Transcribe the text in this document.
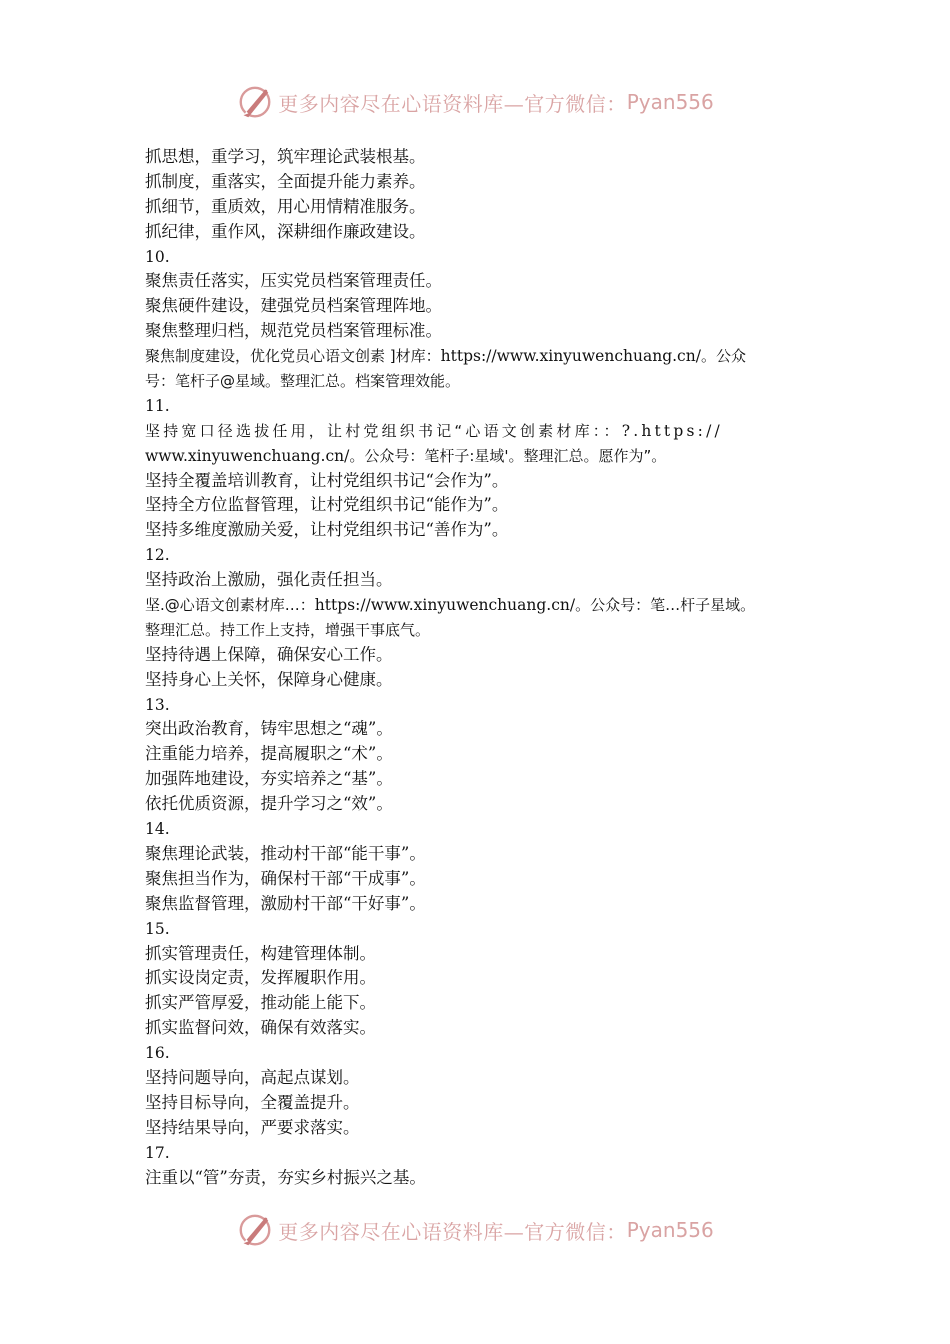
更多内容尽在心语资料库—官方微信： Pyan556
抓思想，重学习，筑牢理论武装根基。
抓制度，重落实，全面提升能力素养。
抓细节，重质效，用心用情精准服务。
抓纪律，重作风，深耕细作廉政建设。
10.
聚焦责任落实，压实党员档案管理责任。
聚焦硬件建设，建强党员档案管理阵地。
聚焦整理归档，规范党员档案管理标准。
聚焦制度建设，优化党员心语文创素 ]材库：https://www.xinyuwenchuang.cn/。公众
号：笔杆子@星域。整理汇总。档案管理效能。
11.
坚持宽口径选拔任用，让村党组织书记“心语文创素材库：：?.https://
www.xinyuwenchuang.cn/。公众号：笔杆子:星域'。整理汇总。愿作为”。
坚持全覆盖培训教育，让村党组织书记“会作为”。
坚持全方位监督管理，让村党组织书记“能作为”。
坚持多维度激励关爱，让村党组织书记“善作为”。
12.
坚持政治上激励，强化责任担当。
坚.@心语文创素材库…：https://www.xinyuwenchuang.cn/。公众号：笔…杆子星域。
整理汇总。持工作上支持，增强干事底气。
坚持待遇上保障，确保安心工作。
坚持身心上关怀，保障身心健康。
13.
突出政治教育，铸牢思想之“魂”。
注重能力培养，提高履职之“术”。
加强阵地建设，夯实培养之“基”。
依托优质资源，提升学习之“效”。
14.
聚焦理论武装，推动村干部“能干事”。
聚焦担当作为，确保村干部“干成事”。
聚焦监督管理，激励村干部“干好事”。
15.
抓实管理责任，构建管理体制。
抓实设岗定责，发挥履职作用。
抓实严管厚爱，推动能上能下。
抓实监督问效，确保有效落实。
16.
坚持问题导向，高起点谋划。
坚持目标导向，全覆盖提升。
坚持结果导向，严要求落实。
17.
注重以“管”夯责，夯实乡村振兴之基。
更多内容尽在心语资料库—官方微信： Pyan556
